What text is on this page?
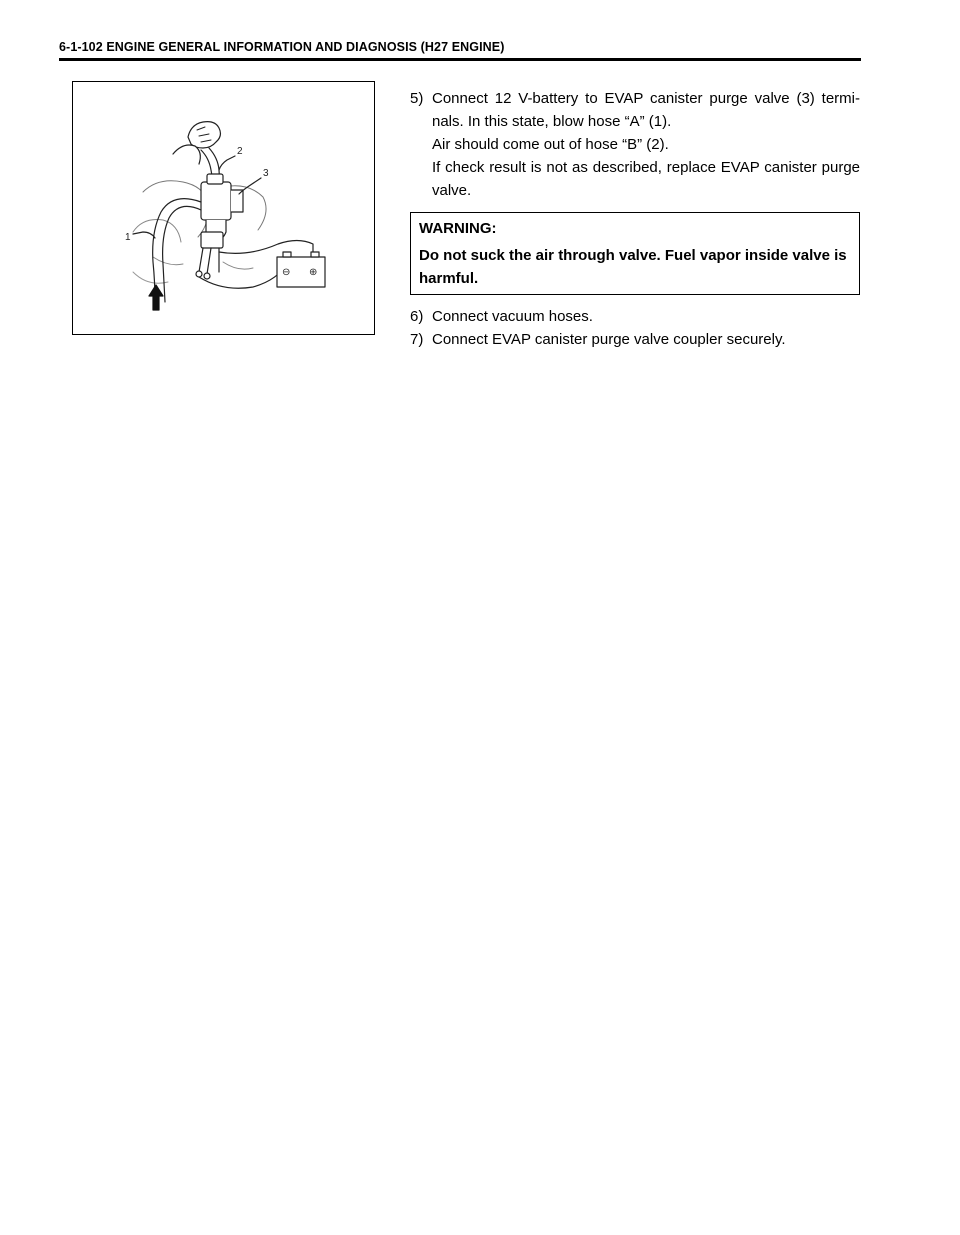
6-1-102 ENGINE GENERAL INFORMATION AND DIAGNOSIS (H27 ENGINE)
1
2
3
⊖ ⊕
5) Connect 12 V-battery to EVAP canister purge valve (3) termi-nals. In this state, blow hose “A” (1).

Air should come out of hose “B” (2).

If check result is not as described, replace EVAP canister purge valve.

WARNING:
Do not suck the air through valve. Fuel vapor inside valve is harmful.
6) Connect vacuum hoses.

7) Connect EVAP canister purge valve coupler securely.
